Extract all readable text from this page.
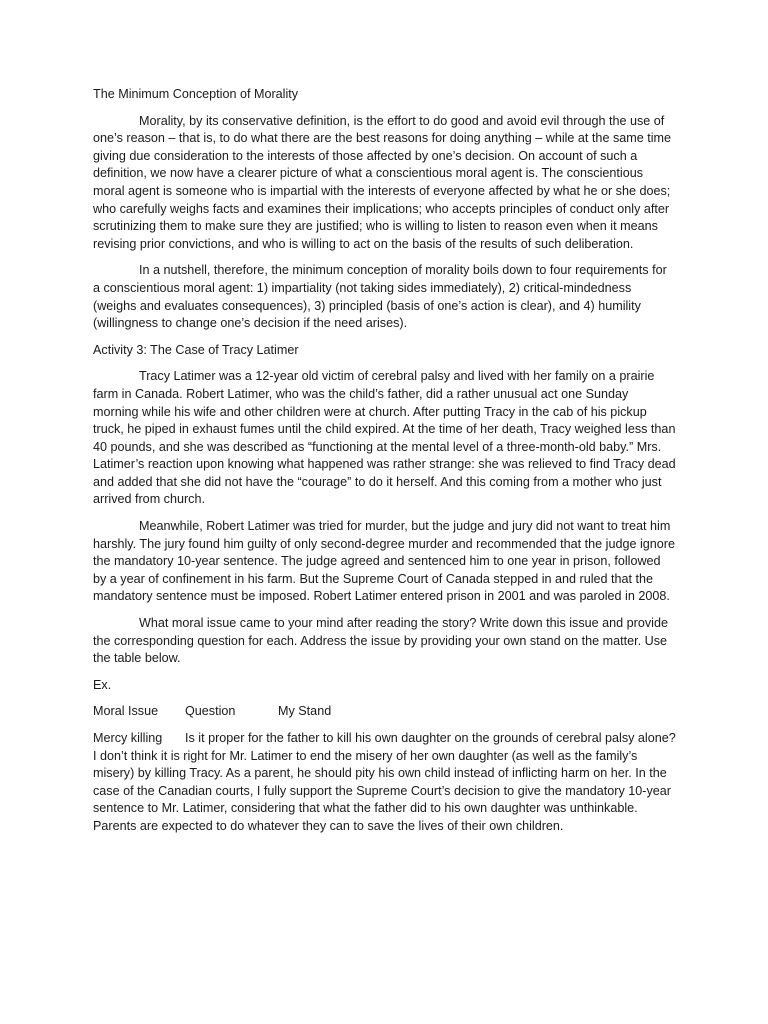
The Minimum Conception of Morality

Morality, by its conservative definition, is the effort to do good and avoid evil through the use of one’s reason – that is, to do what there are the best reasons for doing anything – while at the same time giving due consideration to the interests of those affected by one’s decision. On account of such a definition, we now have a clearer picture of what a conscientious moral agent is. The conscientious moral agent is someone who is impartial with the interests of everyone affected by what he or she does; who carefully weighs facts and examines their implications; who accepts principles of conduct only after scrutinizing them to make sure they are justified; who is willing to listen to reason even when it means revising prior convictions, and who is willing to act on the basis of the results of such deliberation.

In a nutshell, therefore, the minimum conception of morality boils down to four requirements for a conscientious moral agent: 1) impartiality (not taking sides immediately), 2) critical-mindedness (weighs and evaluates consequences), 3) principled (basis of one’s action is clear), and 4) humility (willingness to change one’s decision if the need arises).

Activity 3: The Case of Tracy Latimer

Tracy Latimer was a 12-year old victim of cerebral palsy and lived with her family on a prairie farm in Canada. Robert Latimer, who was the child’s father, did a rather unusual act one Sunday morning while his wife and other children were at church. After putting Tracy in the cab of his pickup truck, he piped in exhaust fumes until the child expired. At the time of her death, Tracy weighed less than 40 pounds, and she was described as “functioning at the mental level of a three-month-old baby.” Mrs. Latimer’s reaction upon knowing what happened was rather strange: she was relieved to find Tracy dead and added that she did not have the “courage” to do it herself. And this coming from a mother who just arrived from church.

Meanwhile, Robert Latimer was tried for murder, but the judge and jury did not want to treat him harshly. The jury found him guilty of only second-degree murder and recommended that the judge ignore the mandatory 10-year sentence. The judge agreed and sentenced him to one year in prison, followed by a year of confinement in his farm. But the Supreme Court of Canada stepped in and ruled that the mandatory sentence must be imposed. Robert Latimer entered prison in 2001 and was paroled in 2008.

What moral issue came to your mind after reading the story? Write down this issue and provide the corresponding question for each. Address the issue by providing your own stand on the matter. Use the table below.

Ex.

Moral Issue Question	My Stand

Mercy killing Is it proper for the father to kill his own daughter on the grounds of cerebral palsy alone? I don’t think it is right for Mr. Latimer to end the misery of her own daughter (as well as the family’s misery) by killing Tracy. As a parent, he should pity his own child instead of inflicting harm on her. In the case of the Canadian courts, I fully support the Supreme Court’s decision to give the mandatory 10-year sentence to Mr. Latimer, considering that what the father did to his own daughter was unthinkable. Parents are expected to do whatever they can to save the lives of their own children.
